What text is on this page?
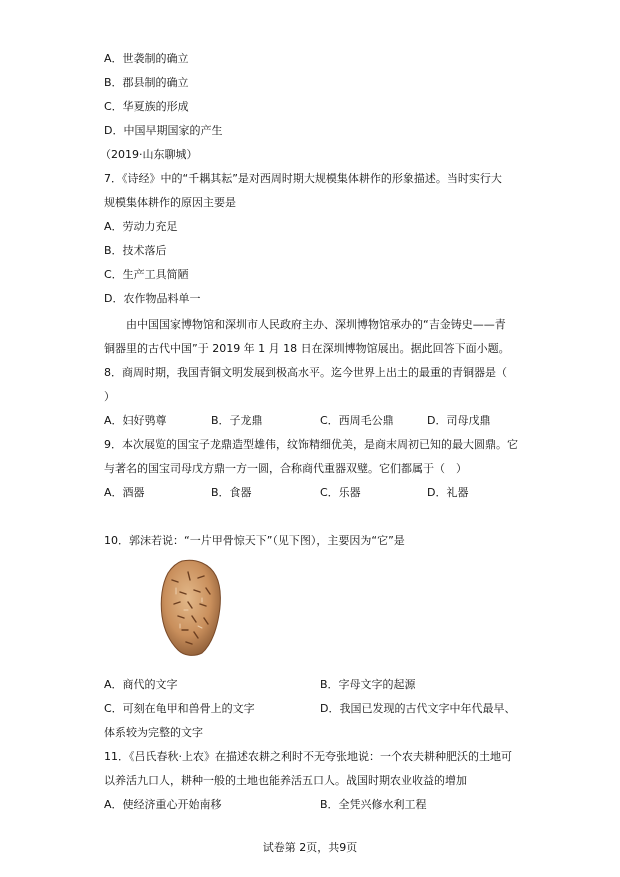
A．世袭制的确立
B．郡县制的确立
C．华夏族的形成
D．中国早期国家的产生
（2019·山东聊城）
7．《诗经》中的“千耦其耘”是对西周时期大规模集体耕作的形象描述。当时实行大
规模集体耕作的原因主要是
A．劳动力充足
B．技术落后
C．生产工具简陋
D．农作物品料单一
由中国国家博物馆和深圳市人民政府主办、深圳博物馆承办的“吉金铸史——青
铜器里的古代中国”于 2019 年 1 月 18 日在深圳博物馆展出。据此回答下面小题。
8．商周时期，我国青铜文明发展到极高水平。迄今世界上出土的最重的青铜器是（
）
A．妇好鸮尊	B．子龙鼎	C．西周毛公鼎	D．司母戊鼎
9．本次展览的国宝子龙鼎造型雄伟，纹饰精细优美，是商末周初已知的最大圆鼎。它
与著名的国宝司母戊方鼎一方一圆，合称商代重器双璧。它们都属于（　）
A．酒器	B．食器	C．乐器	D．礼器
10．郭沫若说：“一片甲骨惊天下”（见下图），主要因为“它”是
A．商代的文字	B．字母文字的起源
C．可刻在龟甲和兽骨上的文字	D．我国已发现的古代文字中年代最早、
体系较为完整的文字
11．《吕氏春秋·上农》在描述农耕之利时不无夸张地说：一个农夫耕种肥沃的土地可
以养活九口人，耕种一般的土地也能养活五口人。战国时期农业收益的增加
A．使经济重心开始南移	B．全凭兴修水利工程
试卷第 2页，共9页
